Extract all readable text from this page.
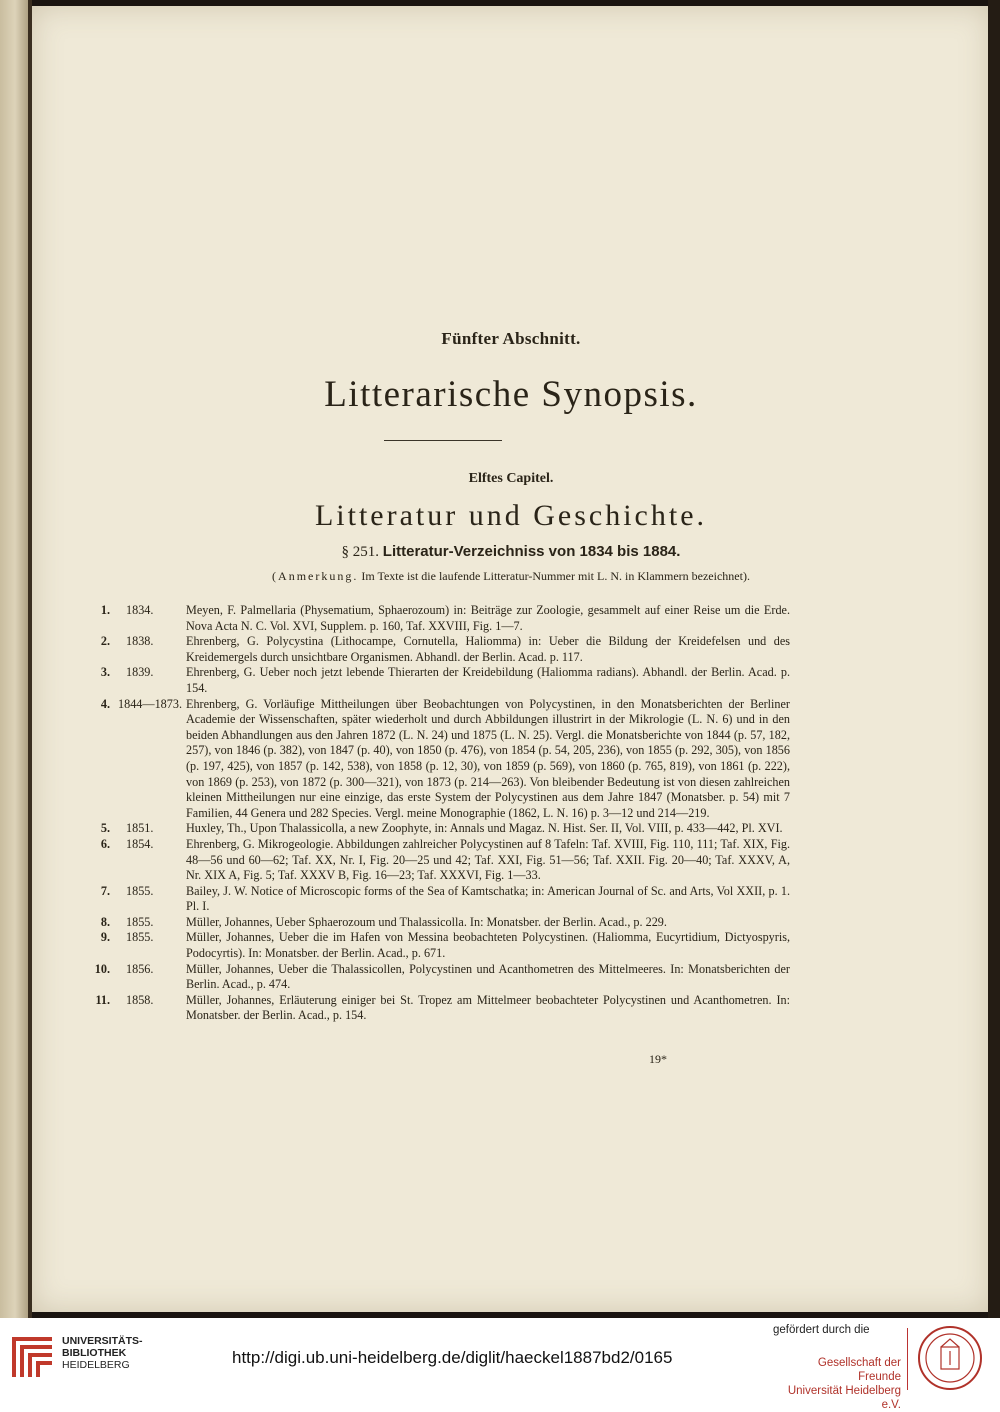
Fünfter Abschnitt.
Litterarische Synopsis.
Elftes Capitel.
Litteratur und Geschichte.
§ 251. Litteratur-Verzeichniss von 1834 bis 1884.
(Anmerkung. Im Texte ist die laufende Litteratur-Nummer mit L. N. in Klammern bezeichnet).
1. 1834.	Meyen, F. Palmellaria (Physematium, Sphaerozoum) in: Beiträge zur Zoologie, gesammelt auf einer Reise um die Erde. Nova Acta N. C. Vol. XVI, Supplem. p. 160, Taf. XXVIII, Fig. 1—7.
2. 1838.	Ehrenberg, G. Polycystina (Lithocampe, Cornutella, Haliomma) in: Ueber die Bildung der Kreidefelsen und des Kreidemergels durch unsichtbare Organismen. Abhandl. der Berlin. Acad. p. 117.
3. 1839.	Ehrenberg, G. Ueber noch jetzt lebende Thierarten der Kreidebildung (Haliomma radians). Abhandl. der Berlin. Acad. p. 154.
4. 1844—1873. Ehrenberg, G. Vorläufige Mittheilungen über Beobachtungen von Polycystinen, in den Monatsberichten der Berliner Academie der Wissenschaften, später wiederholt und durch Abbildungen illustrirt in der Mikrologie (L. N. 6) und in den beiden Abhandlungen aus den Jahren 1872 (L. N. 24) und 1875 (L. N. 25). Vergl. die Monatsberichte von 1844 (p. 57, 182, 257), von 1846 (p. 382), von 1847 (p. 40), von 1850 (p. 476), von 1854 (p. 54, 205, 236), von 1855 (p. 292, 305), von 1856 (p. 197, 425), von 1857 (p. 142, 538), von 1858 (p. 12, 30), von 1859 (p. 569), von 1860 (p. 765, 819), von 1861 (p. 222), von 1869 (p. 253), von 1872 (p. 300—321), von 1873 (p. 214—263). Von bleibender Bedeutung ist von diesen zahlreichen kleinen Mittheilungen nur eine einzige, das erste System der Polycystinen aus dem Jahre 1847 (Monatsber. p. 54) mit 7 Familien, 44 Genera und 282 Species. Vergl. meine Monographie (1862, L. N. 16) p. 3—12 und 214—219.
5. 1851.	Huxley, Th., Upon Thalassicolla, a new Zoophyte, in: Annals und Magaz. N. Hist. Ser. II, Vol. VIII, p. 433—442, Pl. XVI.
6. 1854.	Ehrenberg, G. Mikrogeologie. Abbildungen zahlreicher Polycystinen auf 8 Tafeln: Taf. XVIII, Fig. 110, 111; Taf. XIX, Fig. 48—56 und 60—62; Taf. XX, Nr. I, Fig. 20—25 und 42; Taf. XXI, Fig. 51—56; Taf. XXII. Fig. 20—40; Taf. XXXV, A, Nr. XIX A, Fig. 5; Taf. XXXV B, Fig. 16—23; Taf. XXXVI, Fig. 1—33.
7. 1855.	Bailey, J. W. Notice of Microscopic forms of the Sea of Kamtschatka; in: American Journal of Sc. and Arts, Vol XXII, p. 1. Pl. I.
8. 1855.	Müller, Johannes, Ueber Sphaerozoum und Thalassicolla. In: Monatsber. der Berlin. Acad., p. 229.
9. 1855.	Müller, Johannes, Ueber die im Hafen von Messina beobachteten Polycystinen. (Haliomma, Eucyrtidium, Dictyospyris, Podocyrtis). In: Monatsber. der Berlin. Acad., p. 671.
10. 1856.	Müller, Johannes, Ueber die Thalassicollen, Polycystinen und Acanthometren des Mittelmeeres. In: Monatsberichten der Berlin. Acad., p. 474.
11. 1858.	Müller, Johannes, Erläuterung einiger bei St. Tropez am Mittelmeer beobachteter Polycystinen und Acanthometren. In: Monatsber. der Berlin. Acad., p. 154.
19*
UNIVERSITÄTS-
BIBLIOTHEK
HEIDELBERG	http://digi.ub.uni-heidelberg.de/diglit/haeckel1887bd2/0165
gefördert durch die
Gesellschaft der Freunde
Universität Heidelberg e.V.
